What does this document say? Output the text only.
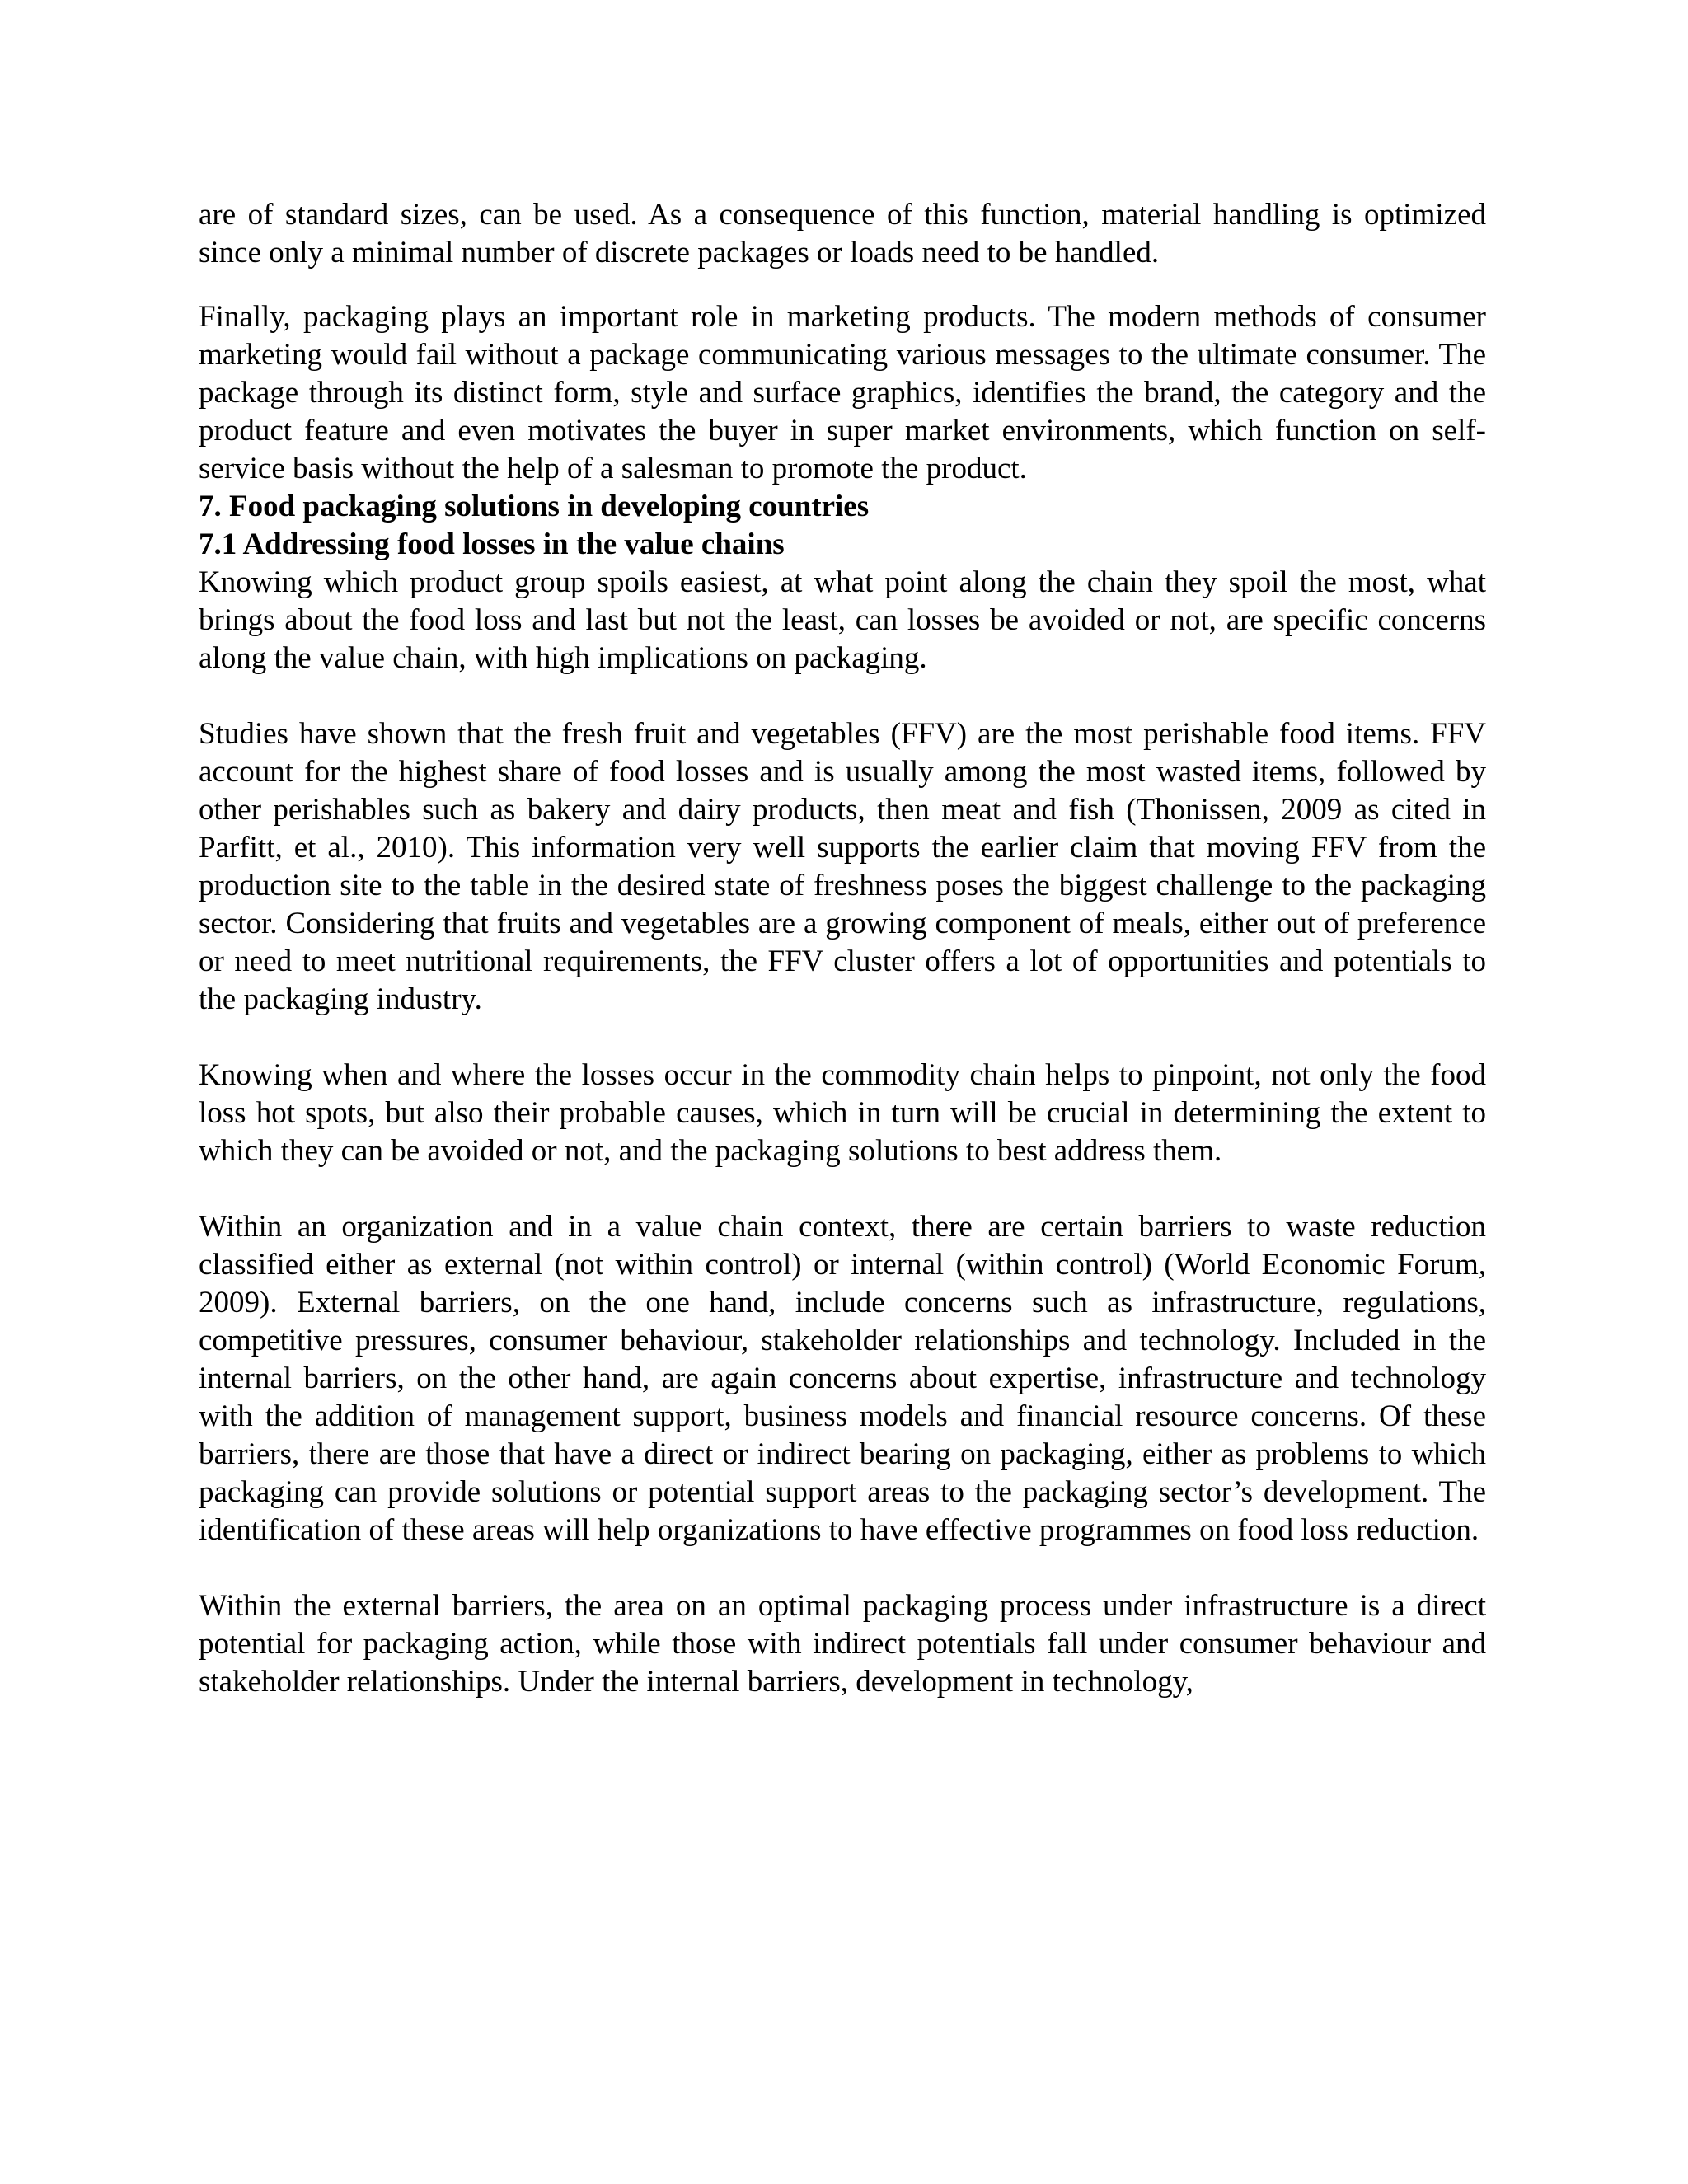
are of standard sizes, can be used. As a consequence of this function, material handling is optimized since only a minimal number of discrete packages or loads need to be handled.

Finally, packaging plays an important role in marketing products. The modern methods of consumer marketing would fail without a package communicating various messages to the ultimate consumer. The package through its distinct form, style and surface graphics, identifies the brand, the category and the product feature and even motivates the buyer in super market environments, which function on self-service basis without the help of a salesman to promote the product.

7. Food packaging solutions in developing countries

7.1 Addressing food losses in the value chains

Knowing which product group spoils easiest, at what point along the chain they spoil the most, what brings about the food loss and last but not the least, can losses be avoided or not, are specific concerns along the value chain, with high implications on packaging.

Studies have shown that the fresh fruit and vegetables (FFV) are the most perishable food items. FFV account for the highest share of food losses and is usually among the most wasted items, followed by other perishables such as bakery and dairy products, then meat and fish (Thonissen, 2009 as cited in Parfitt, et al., 2010). This information very well supports the earlier claim that moving FFV from the production site to the table in the desired state of freshness poses the biggest challenge to the packaging sector. Considering that fruits and vegetables are a growing component of meals, either out of preference or need to meet nutritional requirements, the FFV cluster offers a lot of opportunities and potentials to the packaging industry.

Knowing when and where the losses occur in the commodity chain helps to pinpoint, not only the food loss hot spots, but also their probable causes, which in turn will be crucial in determining the extent to which they can be avoided or not, and the packaging solutions to best address them.

Within an organization and in a value chain context, there are certain barriers to waste reduction classified either as external (not within control) or internal (within control) (World Economic Forum, 2009). External barriers, on the one hand, include concerns such as infrastructure, regulations, competitive pressures, consumer behaviour, stakeholder relationships and technology. Included in the internal barriers, on the other hand, are again concerns about expertise, infrastructure and technology with the addition of management support, business models and financial resource concerns. Of these barriers, there are those that have a direct or indirect bearing on packaging, either as problems to which packaging can provide solutions or potential support areas to the packaging sector’s development. The identification of these areas will help organizations to have effective programmes on food loss reduction.

Within the external barriers, the area on an optimal packaging process under infrastructure is a direct potential for packaging action, while those with indirect potentials fall under consumer behaviour and stakeholder relationships. Under the internal barriers, development in technology,
